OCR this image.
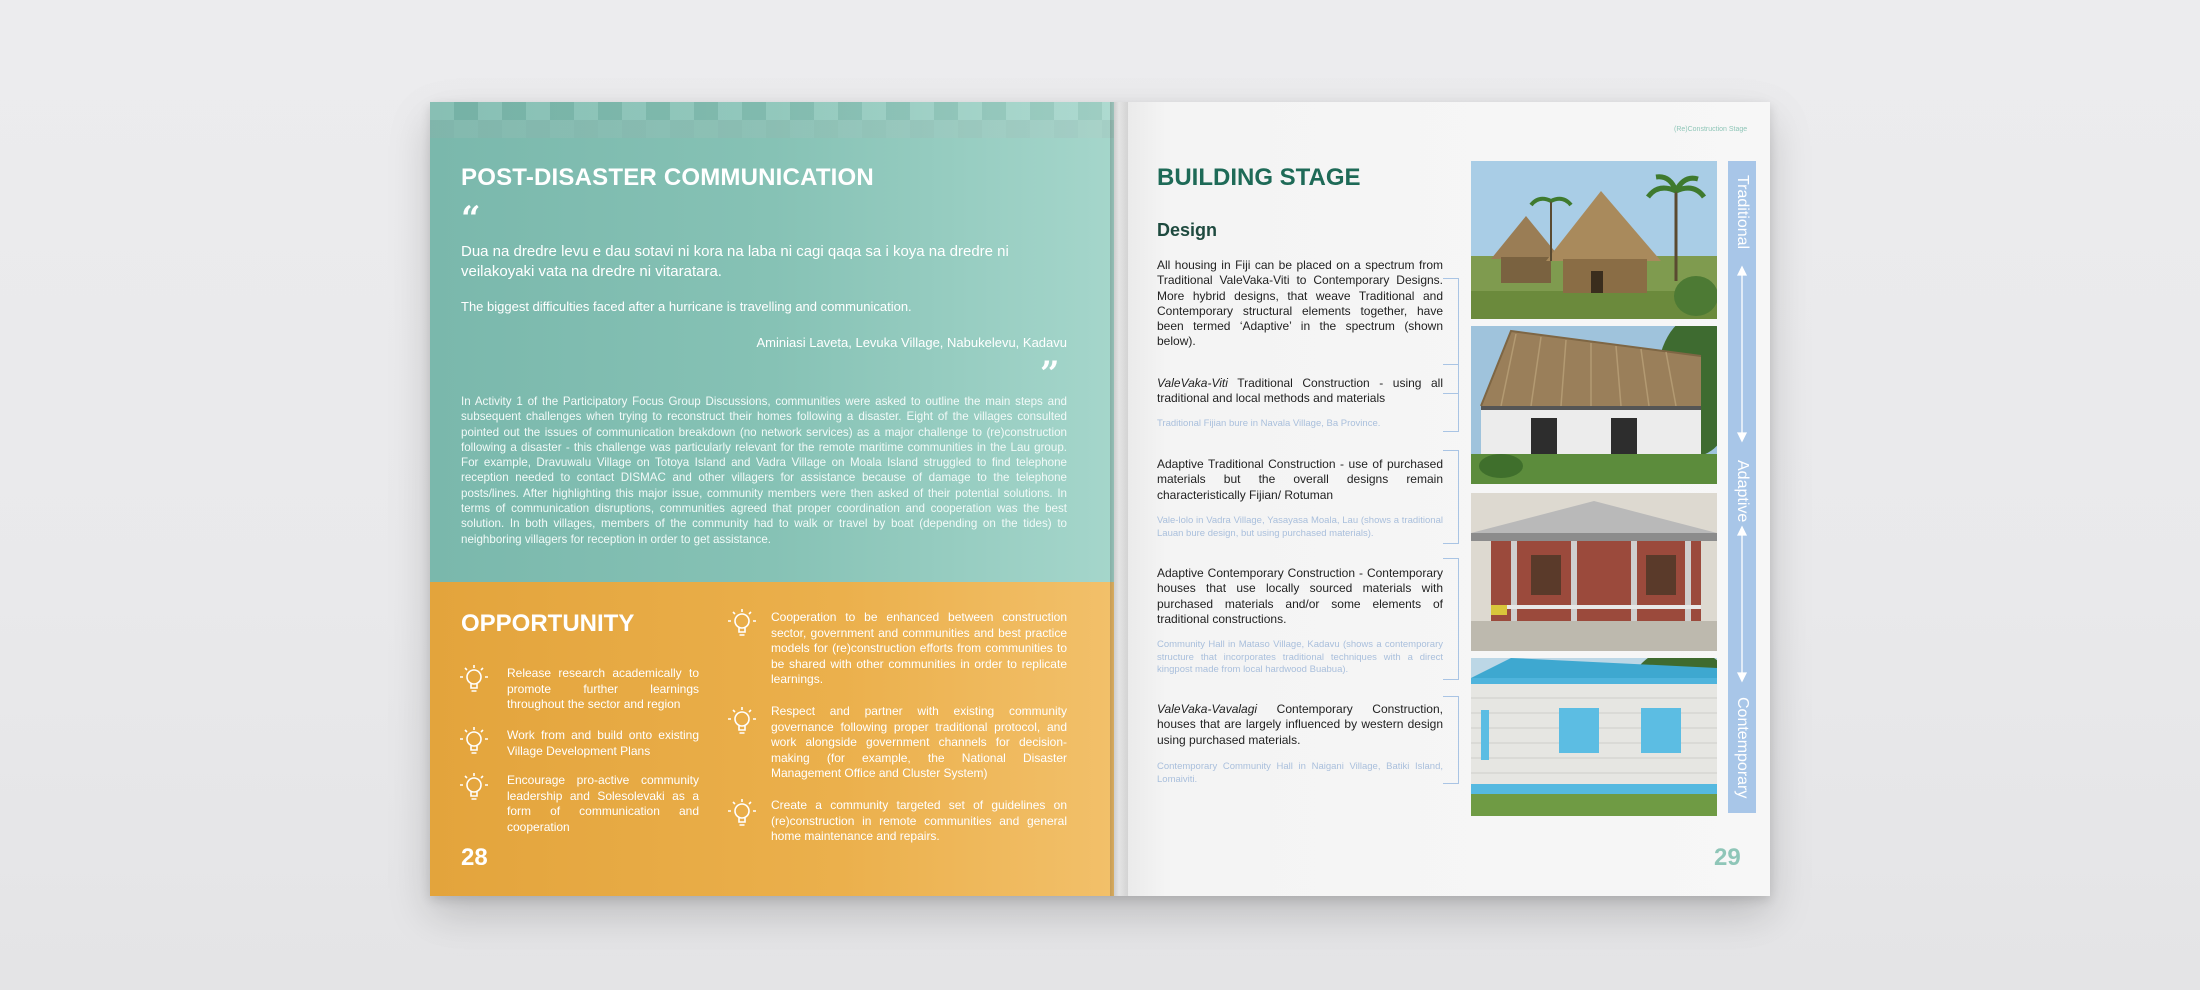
POST-DISASTER COMMUNICATION
“
Dua na dredre levu e dau sotavi ni kora na laba ni cagi qaqa sa i koya na dredre ni veilakoyaki vata na dredre ni vitaratara.
The biggest difficulties faced after a hurricane is travelling and communication.
Aminiasi Laveta, Levuka Village, Nabukelevu, Kadavu
”
In Activity 1 of the Participatory Focus Group Discussions, communities were asked to outline the main steps and subsequent challenges when trying to reconstruct their homes following a disaster. Eight of the villages consulted pointed out the issues of communication breakdown (no network services) as a major challenge to (re)construction following a disaster - this challenge was particularly relevant for the remote maritime communities in the Lau group. For example, Dravuwalu Village on Totoya Island and Vadra Village on Moala Island struggled to find telephone reception needed to contact DISMAC and other villagers for assistance because of damage to the telephone posts/lines. After highlighting this major issue, community members were then asked of their potential solutions. In terms of communication disruptions, communities agreed that proper coordination and cooperation was the best solution. In both villages, members of the community had to walk or travel by boat (depending on the tides) to neighboring villagers for reception in order to get assistance.
OPPORTUNITY
Release research academically to promote further learnings throughout the sector and region
Work from and build onto existing Village Development Plans
Encourage pro-active community leadership and Solesolevaki as a form of communication and cooperation
Cooperation to be enhanced between construction sector, government and communities and best practice models for (re)construction efforts from communities to be shared with other communities in order to replicate learnings.
Respect and partner with existing community governance following proper traditional protocol, and work alongside government channels for decision-making (for example, the National Disaster Management Office and Cluster System)
Create a community targeted set of guidelines on (re)construction in remote communities and general home maintenance and repairs.
28
(Re)Construction Stage
BUILDING STAGE
Design
All housing in Fiji can be placed on a spectrum from Traditional ValeVaka-Viti to Contemporary Designs. More hybrid designs, that weave Traditional and Contemporary structural elements together, have been termed ‘Adaptive’ in the spectrum (shown below).
ValeVaka-Viti Traditional Construction - using all traditional and local methods and materials
Traditional Fijian bure in Navala Village, Ba Province.
Adaptive Traditional Construction - use of purchased materials but the overall designs remain characteristically Fijian/ Rotuman
Vale-lolo in Vadra Village, Yasayasa Moala, Lau (shows a traditional Lauan bure design, but using purchased materials).
Adaptive Contemporary Construction - Contemporary houses that use locally sourced materials with purchased materials and/or some elements of traditional constructions.
Community Hall in Mataso Village, Kadavu (shows a contemporary structure that incorporates traditional techniques with a direct kingpost made from local hardwood Buabua).
ValeVaka-Vavalagi Contemporary Construction, houses that are largely influenced by western design using purchased materials.
Contemporary Community Hall in Naigani Village, Batiki Island, Lomaiviti.
Traditional
Adaptive
Contemporary
29
